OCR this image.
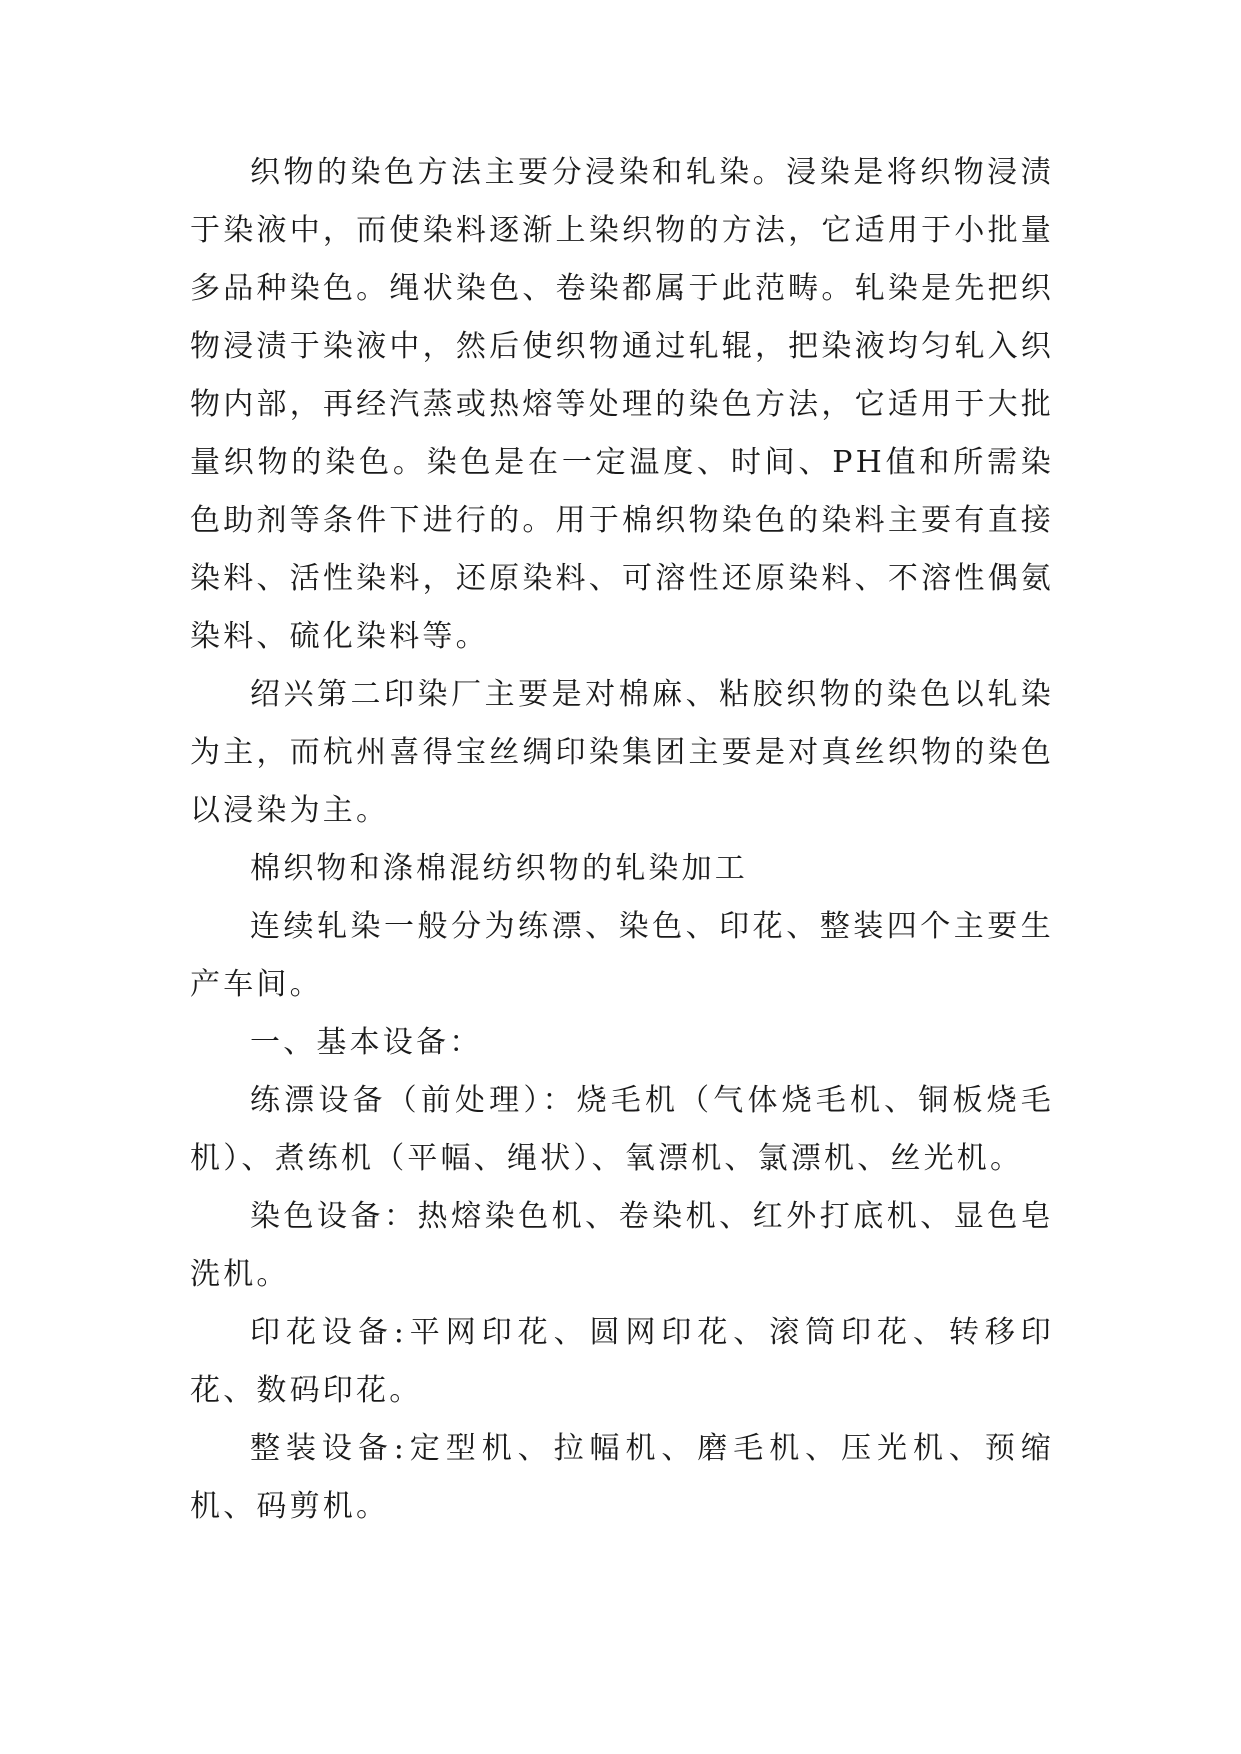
织物的染色方法主要分浸染和轧染。浸染是将织物浸渍于染液中，而使染料逐渐上染织物的方法，它适用于小批量多品种染色。绳状染色、卷染都属于此范畴。轧染是先把织物浸渍于染液中，然后使织物通过轧辊，把染液均匀轧入织物内部，再经汽蒸或热熔等处理的染色方法，它适用于大批量织物的染色。染色是在一定温度、时间、PH值和所需染色助剂等条件下进行的。用于棉织物染色的染料主要有直接染料、活性染料，还原染料、可溶性还原染料、不溶性偶氨染料、硫化染料等。

绍兴第二印染厂主要是对棉麻、粘胶织物的染色以轧染为主，而杭州喜得宝丝绸印染集团主要是对真丝织物的染色以浸染为主。

棉织物和涤棉混纺织物的轧染加工

连续轧染一般分为练漂、染色、印花、整装四个主要生产车间。

一、基本设备：

练漂设备（前处理）：烧毛机（气体烧毛机、铜板烧毛机）、煮练机（平幅、绳状）、氧漂机、氯漂机、丝光机。

染色设备：热熔染色机、卷染机、红外打底机、显色皂洗机。

印花设备:平网印花、圆网印花、滚筒印花、转移印花、数码印花。

整装设备:定型机、拉幅机、磨毛机、压光机、预缩机、码剪机。
